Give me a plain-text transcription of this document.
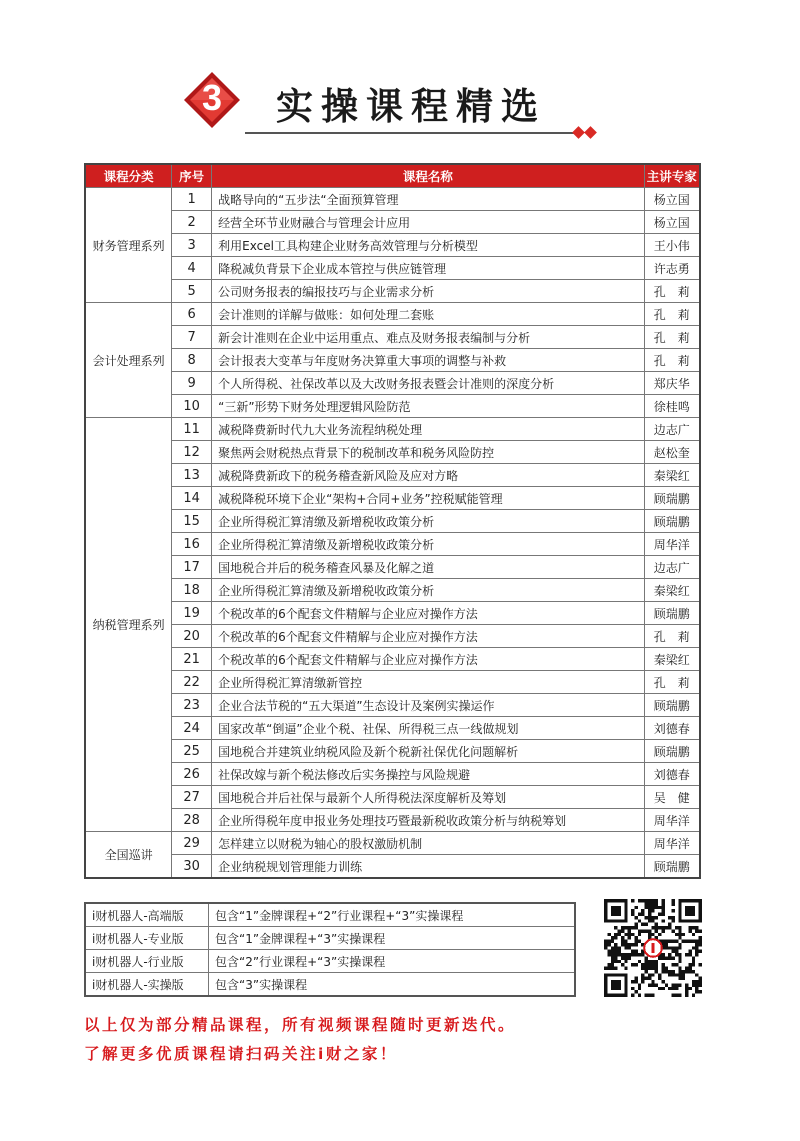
3 实操课程精选
课程分类	序号	课程名称	主讲专家
财务管理系列	1	战略导向的“五步法“全面预算管理	杨立国
	2	经营全环节业财融合与管理会计应用	杨立国
	3	利用Excel工具构建企业财务高效管理与分析模型	王小伟
	4	降税减负背景下企业成本管控与供应链管理	许志勇
	5	公司财务报表的编报技巧与企业需求分析	孔　莉
会计处理系列	6	会计准则的详解与做账：如何处理二套账	孔　莉
	7	新会计准则在企业中运用重点、难点及财务报表编制与分析	孔　莉
	8	会计报表大变革与年度财务决算重大事项的调整与补救	孔　莉
	9	个人所得税、社保改革以及大改财务报表暨会计准则的深度分析	郑庆华
	10	“三新”形势下财务处理逻辑风险防范	徐桂鸣
纳税管理系列	11	减税降费新时代九大业务流程纳税处理	边志广
	12	聚焦两会财税热点背景下的税制改革和税务风险防控	赵松奎
	13	减税降费新政下的税务稽查新风险及应对方略	秦梁红
	14	减税降税环境下企业“架构+合同+业务”控税赋能管理	顾瑞鹏
	15	企业所得税汇算清缴及新增税收政策分析	顾瑞鹏
	16	企业所得税汇算清缴及新增税收政策分析	周华洋
	17	国地税合并后的税务稽查风暴及化解之道	边志广
	18	企业所得税汇算清缴及新增税收政策分析	秦梁红
	19	个税改革的6个配套文件精解与企业应对操作方法	顾瑞鹏
	20	个税改革的6个配套文件精解与企业应对操作方法	孔　莉
	21	个税改革的6个配套文件精解与企业应对操作方法	秦梁红
	22	企业所得税汇算清缴新管控	孔　莉
	23	企业合法节税的“五大渠道”生态设计及案例实操运作	顾瑞鹏
	24	国家改革“倒逼”企业个税、社保、所得税三点一线做规划	刘德春
	25	国地税合并建筑业纳税风险及新个税新社保优化问题解析	顾瑞鹏
	26	社保改嫁与新个税法修改后实务操控与风险规避	刘德春
	27	国地税合并后社保与最新个人所得税法深度解析及筹划	吴　健
	28	企业所得税年度申报业务处理技巧暨最新税收政策分析与纳税筹划	周华洋
全国巡讲	29	怎样建立以财税为轴心的股权激励机制	周华洋
	30	企业纳税规划管理能力训练	顾瑞鹏
i财机器人-高端版	包含“1”金牌课程+“2”行业课程+“3”实操课程
i财机器人-专业版	包含“1”金牌课程+“3”实操课程
i财机器人-行业版	包含“2”行业课程+“3”实操课程
i财机器人-实操版	包含“3”实操课程
以上仅为部分精品课程，所有视频课程随时更新迭代。
了解更多优质课程请扫码关注i财之家！
